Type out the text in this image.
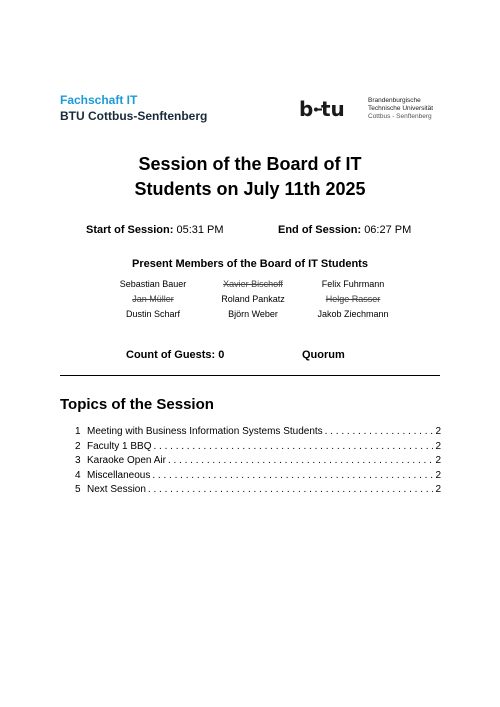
Fachschaft IT
BTU Cottbus-Senftenberg	b tu	Brandenburgische
Technische Universität
Cottbus - Senftenberg
Session of the Board of IT
Students on July 11th 2025
Start of Session: 05:31 PM	End of Session: 06:27 PM
Present Members of the Board of IT Students
Sebastian Bauer	Xavier Bischoff	Felix Fuhrmann
Jan Müller	Roland Pankatz	Helge Rasser
Dustin Scharf	Björn Weber	Jakob Ziechmann
Count of Guests: 0	Quorum
Topics of the Session
1 Meeting with Business Information Systems Students . . .	2
2 Faculty 1 BBQ . . .	2
3 Karaoke Open Air . . .	2
4 Miscellaneous . . .	2
5 Next Session . . .	2
